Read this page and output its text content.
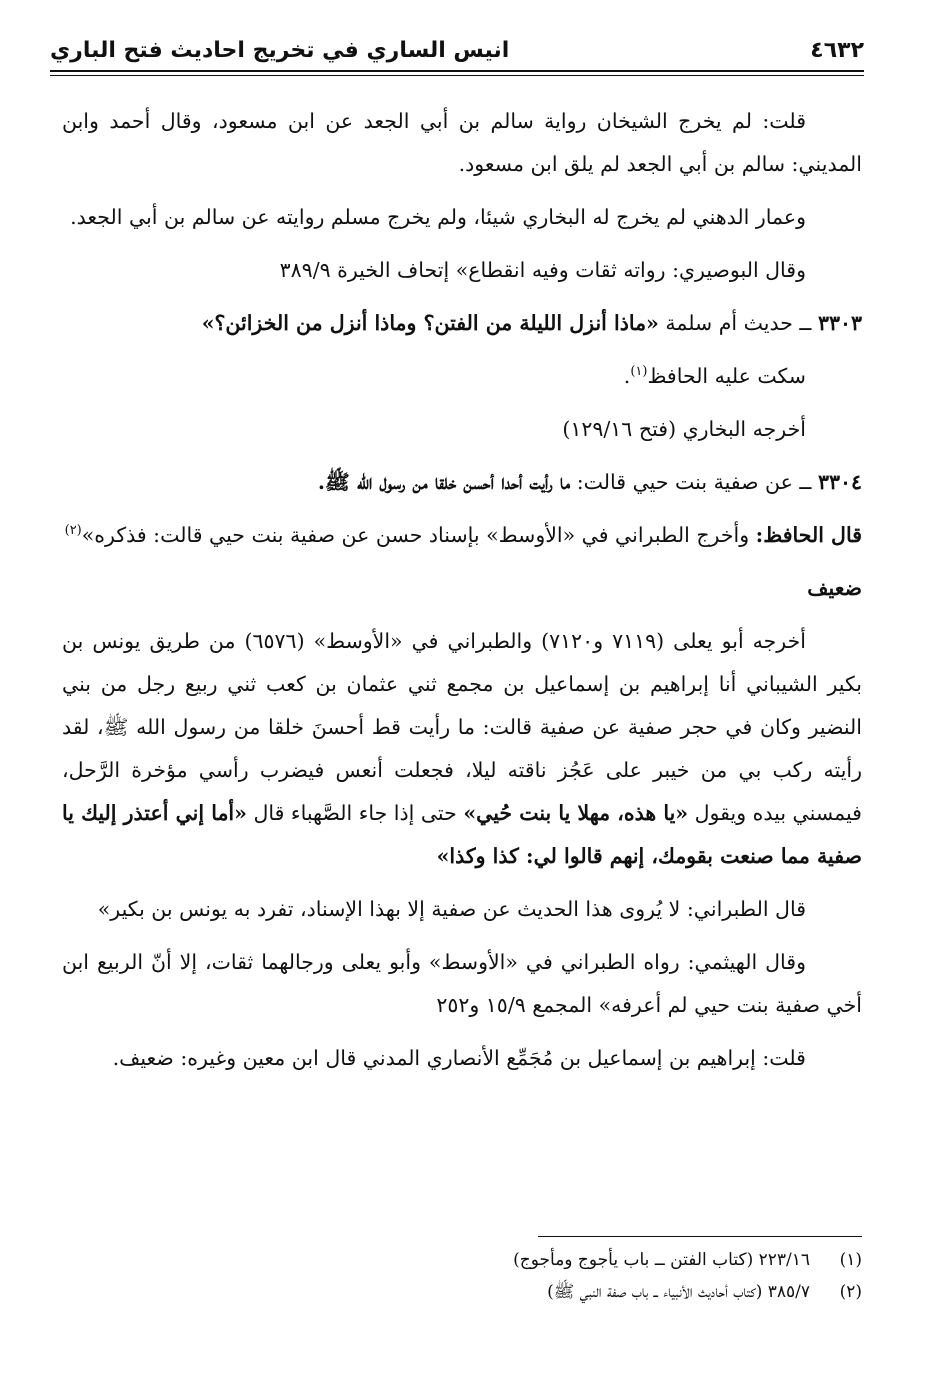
٤٦٣٢
انيس الساري في تخريج احاديث فتح الباري

قلت: لم يخرج الشيخان رواية سالم بن أبي الجعد عن ابن مسعود، وقال أحمد وابن المديني: سالم بن أبي الجعد لم يلق ابن مسعود.

وعمار الدهني لم يخرج له البخاري شيئا، ولم يخرج مسلم روايته عن سالم بن أبي الجعد.

وقال البوصيري: رواته ثقات وفيه انقطاع» إتحاف الخيرة ٣٨٩/٩

٣٣٠٣ ــ حديث أم سلمة «ماذا أنزل الليلة من الفتن؟ وماذا أنزل من الخزائن؟»

سكت عليه الحافظ$^{(١)}$.

أخرجه البخاري (فتح ١٢٩/١٦)

٣٣٠٤ ــ عن صفية بنت حيي قالت: ما رأيت أحدا أحسن خلقا من رسول الله ﷺ.

قال الحافظ: وأخرج الطبراني في «الأوسط» بإسناد حسن عن صفية بنت حيي قالت: فذكره»$^{(٢)}$

ضعيف

أخرجه أبو يعلى (٧١١٩ و٧١٢٠) والطبراني في «الأوسط» (٦٥٧٦) من طريق يونس بن بكير الشيباني أنا إبراهيم بن إسماعيل بن مجمع ثني عثمان بن كعب ثني ربيع رجل من بني النضير وكان في حجر صفية عن صفية قالت: ما رأيت قط أحسنَ خلقا من رسول الله ﷺ، لقد رأيته ركب بي من خيبر على عَجُز ناقته ليلا، فجعلت أنعس فيضرب رأسي مؤخرة الرَّحل، فيمسني بيده ويقول «يا هذه، مهلا يا بنت حُيي» حتى إذا جاء الصَّهباء قال «أما إني أعتذر إليك يا صفية مما صنعت بقومك، إنهم قالوا لي: كذا وكذا»

قال الطبراني: لا يُروى هذا الحديث عن صفية إلا بهذا الإسناد، تفرد به يونس بن بكير»

وقال الهيثمي: رواه الطبراني في «الأوسط» وأبو يعلى ورجالهما ثقات، إلا أنّ الربيع ابن أخي صفية بنت حيي لم أعرفه» المجمع ١٥/٩ و٢٥٢

قلت: إبراهيم بن إسماعيل بن مُجَمِّع الأنصاري المدني قال ابن معين وغيره: ضعيف.

(١)
٢٢٣/١٦ (كتاب الفتن ــ باب يأجوج ومأجوج)
(٢)
٣٨٥/٧ (كتاب أحاديث الأنبياء ــ باب صفة النبي ﷺ)
